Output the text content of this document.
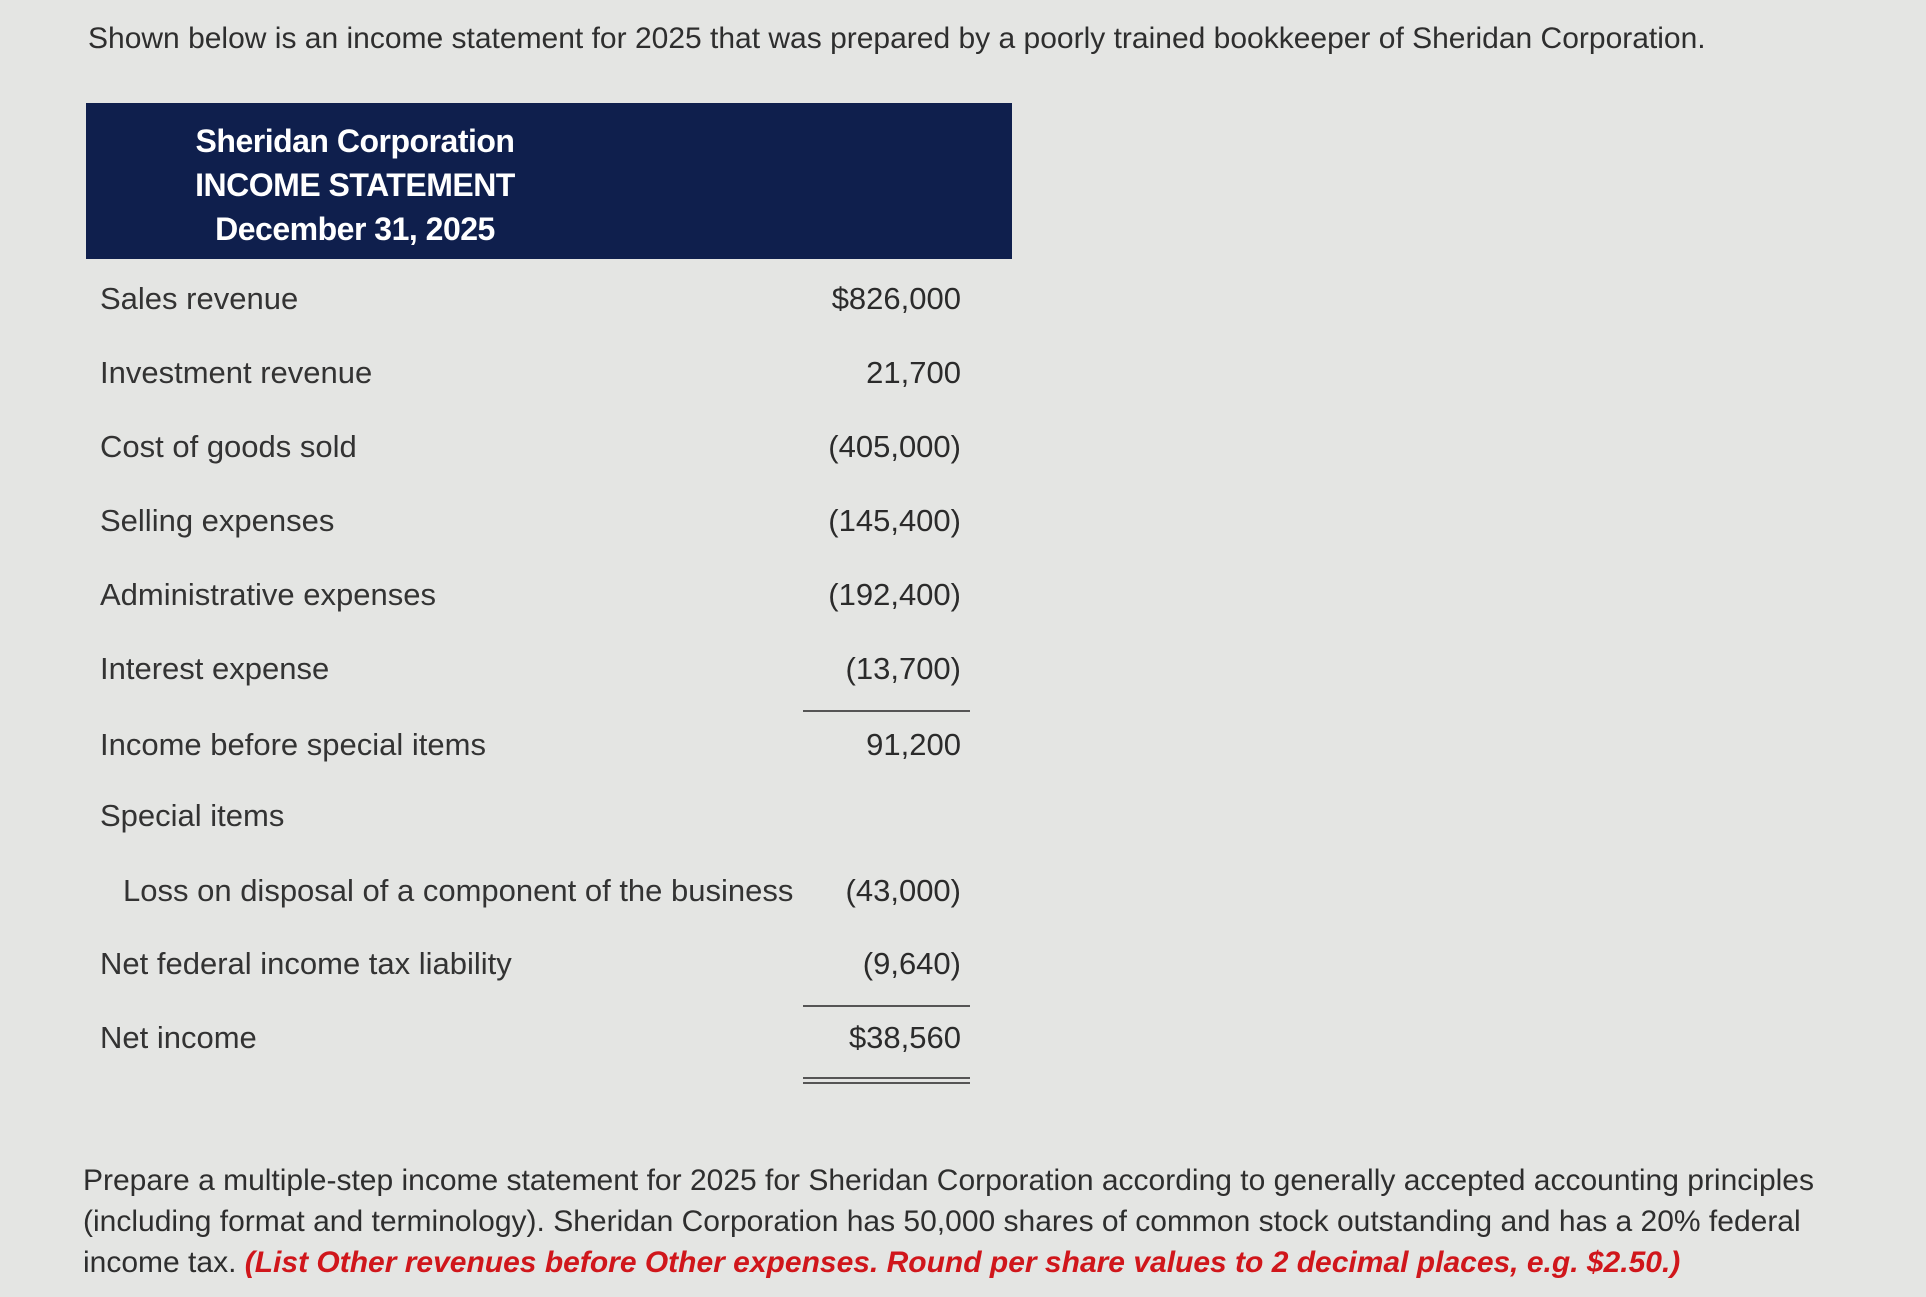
Shown below is an income statement for 2025 that was prepared by a poorly trained bookkeeper of Sheridan Corporation.
Sheridan Corporation
INCOME STATEMENT
December 31, 2025
Sales revenue	$826,000
Investment revenue	21,700
Cost of goods sold	(405,000)
Selling expenses	(145,400)
Administrative expenses	(192,400)
Interest expense	(13,700)
Income before special items	91,200
Special items
Loss on disposal of a component of the business (43,000)
Net federal income tax liability	(9,640)
Net income	$38,560
Prepare a multiple-step income statement for 2025 for Sheridan Corporation according to generally accepted accounting principles (including format and terminology). Sheridan Corporation has 50,000 shares of common stock outstanding and has a 20% federal income tax. (List Other revenues before Other expenses. Round per share values to 2 decimal places, e.g. $2.50.)
